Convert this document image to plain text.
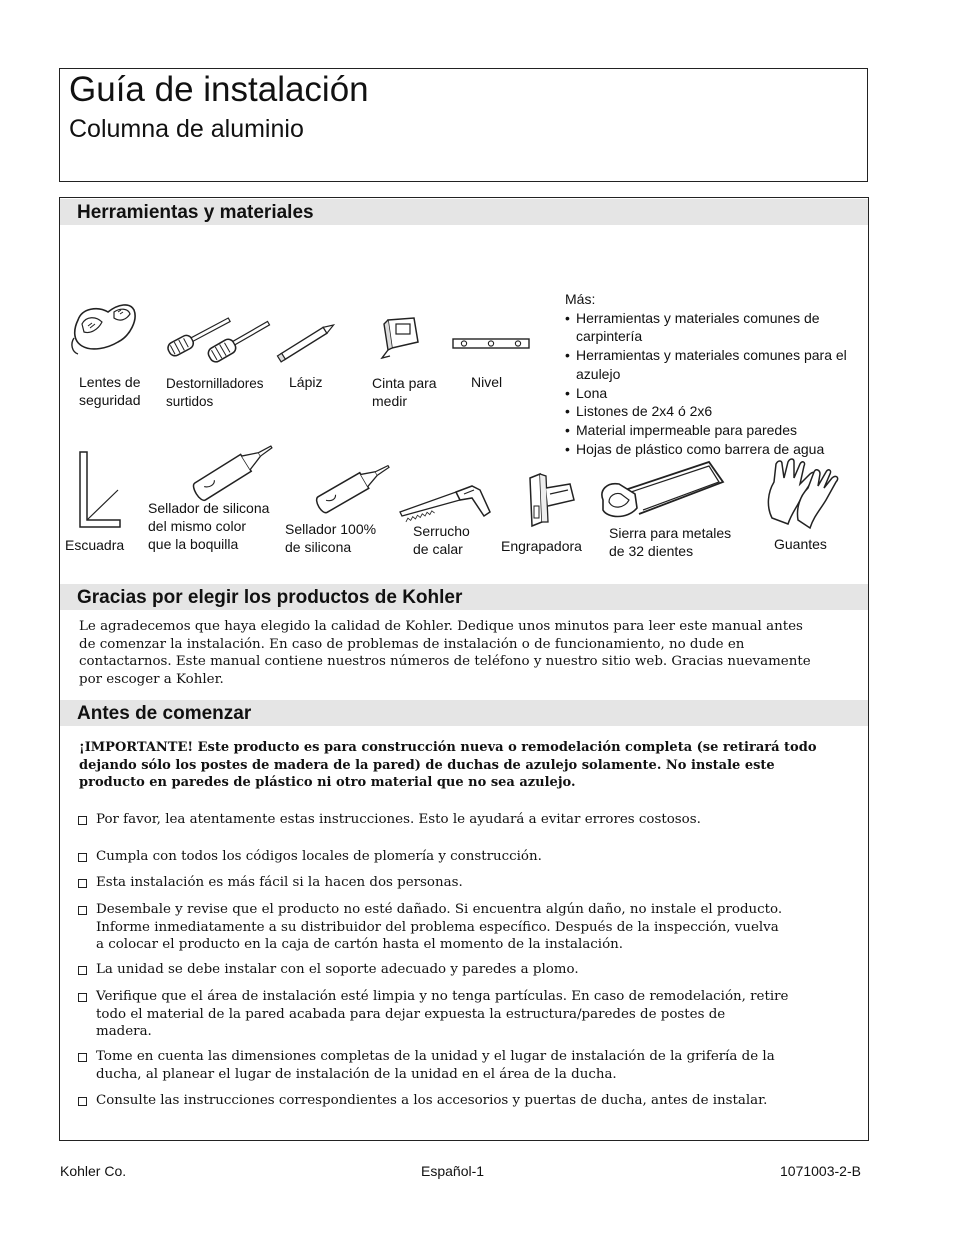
Guía de instalación
Columna de aluminio
Herramientas y materiales
Lentes de
seguridad
Destornilladores
surtidos
Lápiz	Cinta para
medir
Nivel
Más:
• Herramientas y materiales comunes de carpintería
• Herramientas y materiales comunes para el azulejo
• Lona
• Listones de 2x4 ó 2x6
• Material impermeable para paredes
• Hojas de plástico como barrera de agua
Escuadra
Sellador de silicona
del mismo color
que la boquilla
Sellador 100%
de silicona
Serrucho
de calar	Engrapadora
Sierra para metales
de 32 dientes	Guantes
Gracias por elegir los productos de Kohler
Le agradecemos que haya elegido la calidad de Kohler. Dedique unos minutos para leer este manual antes
de comenzar la instalación. En caso de problemas de instalación o de funcionamiento, no dude en
contactarnos. Este manual contiene nuestros números de teléfono y nuestro sitio web. Gracias nuevamente
por escoger a Kohler.
Antes de comenzar
¡IMPORTANTE! Este producto es para construcción nueva o remodelación completa (se retirará todo
dejando sólo los postes de madera de la pared) de duchas de azulejo solamente. No instale este
producto en paredes de plástico ni otro material que no sea azulejo.
Por favor, lea atentamente estas instrucciones. Esto le ayudará a evitar errores costosos.
Cumpla con todos los códigos locales de plomería y construcción.
Esta instalación es más fácil si la hacen dos personas.
Desembale y revise que el producto no esté dañado. Si encuentra algún daño, no instale el producto.
Informe inmediatamente a su distribuidor del problema específico. Después de la inspección, vuelva
a colocar el producto en la caja de cartón hasta el momento de la instalación.
La unidad se debe instalar con el soporte adecuado y paredes a plomo.
Verifique que el área de instalación esté limpia y no tenga partículas. En caso de remodelación, retire
todo el material de la pared acabada para dejar expuesta la estructura/paredes de postes de
madera.
Tome en cuenta las dimensiones completas de la unidad y el lugar de instalación de la grifería de la
ducha, al planear el lugar de instalación de la unidad en el área de la ducha.
Consulte las instrucciones correspondientes a los accesorios y puertas de ducha, antes de instalar.
Kohler Co.	Español-1	1071003-2-B
